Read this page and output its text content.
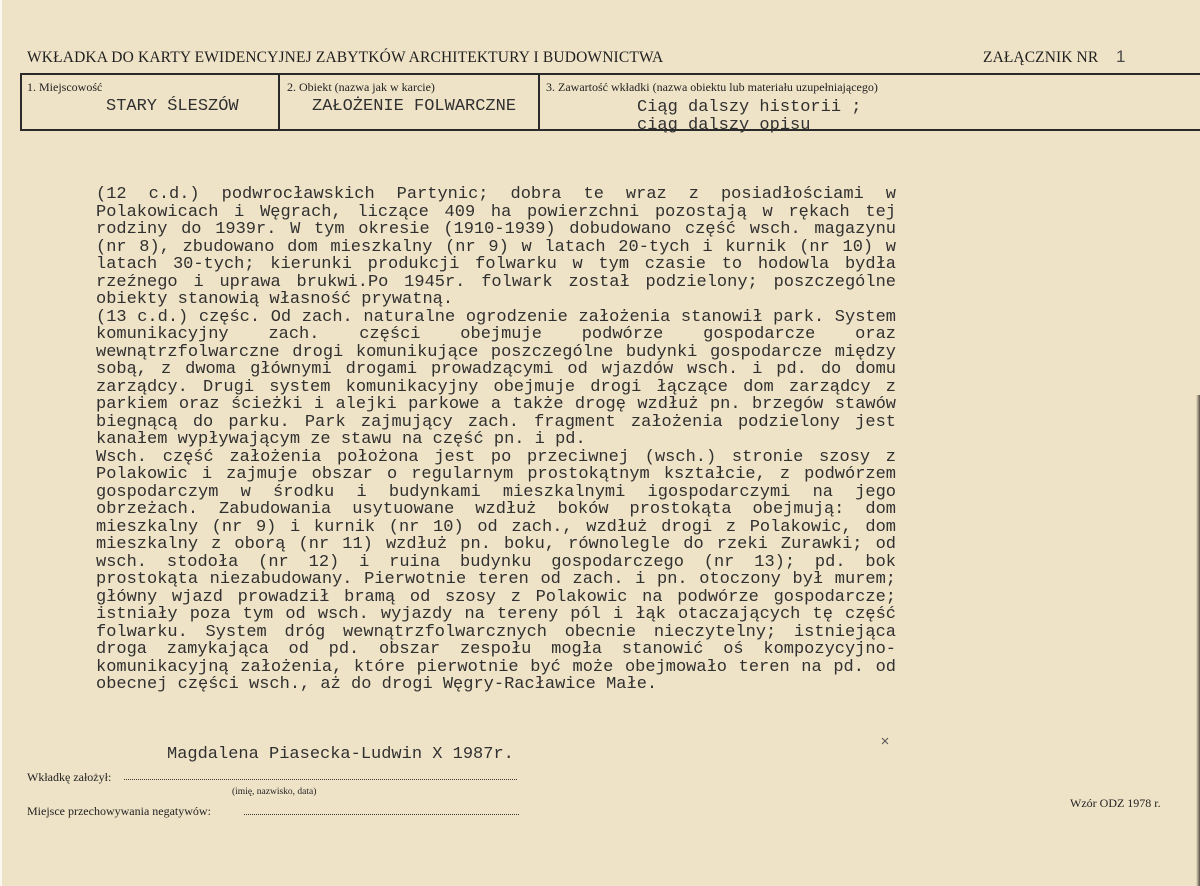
WKŁADKA DO KARTY EWIDENCYJNEJ ZABYTKÓW ARCHITEKTURY I BUDOWNICTWA	ZAŁĄCZNIK NR 1
1. Miejscowość
STARY ŚLESZÓW
2. Obiekt (nazwa jak w karcie)
ZAŁOŻENIE FOLWARCZNE
3. Zawartość wkładki (nazwa obiektu lub materiału uzupełniającego)
Ciąg dalszy historii ;
ciąg dalszy opisu
(12 c.d.) podwrocławskich Partynic; dobra te wraz z posiadłościami w
Polakowicach i Węgrach, liczące 409 ha powierzchni pozostają w rękach tej
rodziny do 1939r. W tym okresie (1910-1939) dobudowano część wsch. magazynu
(nr 8), zbudowano dom mieszkalny (nr 9) w latach 20-tych i kurnik (nr 10) w
latach 30-tych; kierunki produkcji folwarku w tym czasie to hodowla bydła
rzeźnego i uprawa brukwi.Po 1945r. folwark został podzielony; poszczególne
obiekty stanowią własność prywatną.
(13 c.d.) częśc. Od zach. naturalne ogrodzenie założenia stanowił park. System
komunikacyjny zach. części obejmuje podwórze gospodarcze oraz
wewnątrzfolwarczne drogi komunikujące poszczególne budynki gospodarcze między
sobą, z dwoma głównymi drogami prowadzącymi od wjazdów wsch. i pd. do domu
zarządcy. Drugi system komunikacyjny obejmuje drogi łączące dom zarządcy z
parkiem oraz ścieżki i alejki parkowe a także drogę wzdłuż pn. brzegów stawów
biegnącą do parku. Park zajmujący zach. fragment założenia podzielony jest
kanałem wypływającym ze stawu na część pn. i pd.
Wsch. część założenia położona jest po przeciwnej (wsch.) stronie szosy z
Polakowic i zajmuje obszar o regularnym prostokątnym kształcie, z podwórzem
gospodarczym w środku i budynkami mieszkalnymi igospodarczymi na jego
obrzeżach. Zabudowania usytuowane wzdłuż boków prostokąta obejmują: dom
mieszkalny (nr 9) i kurnik (nr 10) od zach., wzdłuż drogi z Polakowic, dom
mieszkalny z oborą (nr 11) wzdłuż pn. boku, równolegle do rzeki Żurawki; od
wsch. stodoła (nr 12) i ruina budynku gospodarczego (nr 13); pd. bok
prostokąta niezabudowany. Pierwotnie teren od zach. i pn. otoczony był murem;
główny wjazd prowadził bramą od szosy z Polakowic na podwórze gospodarcze;
istniały poza tym od wsch. wyjazdy na tereny pól i łąk otaczających tę część
folwarku. System dróg wewnątrzfolwarcznych obecnie nieczytelny; istniejąca
droga zamykająca od pd. obszar zespołu mogła stanowić oś kompozycyjno-
komunikacyjną założenia, które pierwotnie być może obejmowało teren na pd. od
obecnej części wsch., aż do drogi Węgry-Racławice Małe.
Magdalena Piasecka-Ludwin X 1987r.
Wkładkę założył:
(imię, nazwisko, data)
Miejsce przechowywania negatywów:
Wzór ODZ 1978 r.
